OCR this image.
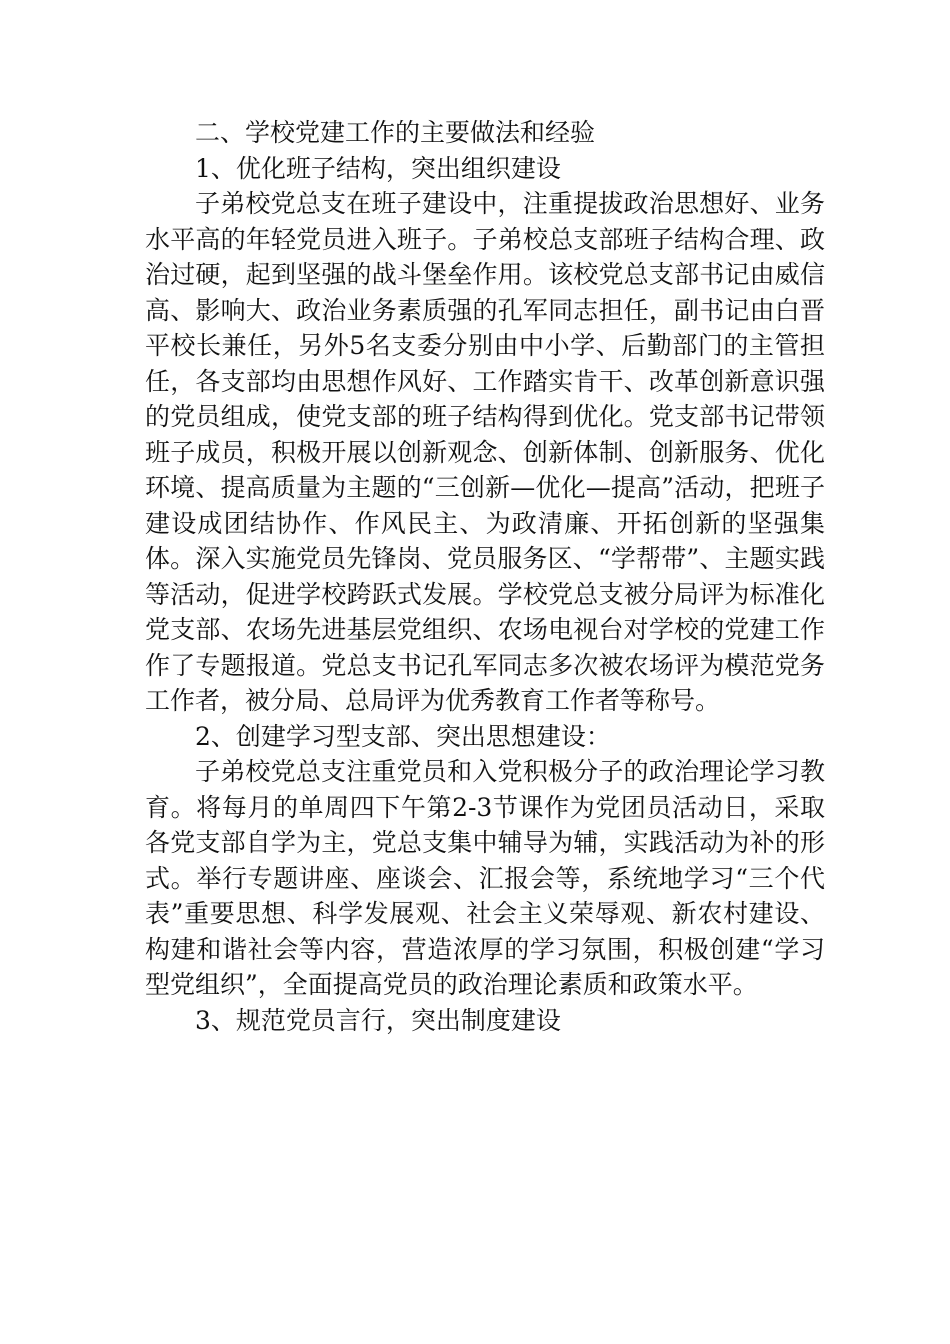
二、学校党建工作的主要做法和经验

1、优化班子结构，突出组织建设

子弟校党总支在班子建设中，注重提拔政治思想好、业务水平高的年轻党员进入班子。子弟校总支部班子结构合理、政治过硬，起到坚强的战斗堡垒作用。该校党总支部书记由威信高、影响大、政治业务素质强的孔军同志担任，副书记由白晋平校长兼任，另外5名支委分别由中小学、后勤部门的主管担任，各支部均由思想作风好、工作踏实肯干、改革创新意识强的党员组成，使党支部的班子结构得到优化。党支部书记带领班子成员，积极开展以创新观念、创新体制、创新服务、优化环境、提高质量为主题的“三创新—优化—提高”活动，把班子建设成团结协作、作风民主、为政清廉、开拓创新的坚强集体。深入实施党员先锋岗、党员服务区、“学帮带”、主题实践等活动，促进学校跨跃式发展。学校党总支被分局评为标准化党支部、农场先进基层党组织、农场电视台对学校的党建工作作了专题报道。党总支书记孔军同志多次被农场评为模范党务工作者，被分局、总局评为优秀教育工作者等称号。

2、创建学习型支部、突出思想建设：

子弟校党总支注重党员和入党积极分子的政治理论学习教育。将每月的单周四下午第2-3节课作为党团员活动日，采取各党支部自学为主，党总支集中辅导为辅，实践活动为补的形式。举行专题讲座、座谈会、汇报会等，系统地学习“三个代表”重要思想、科学发展观、社会主义荣辱观、新农村建设、构建和谐社会等内容，营造浓厚的学习氛围，积极创建“学习型党组织”，全面提高党员的政治理论素质和政策水平。

3、规范党员言行，突出制度建设
